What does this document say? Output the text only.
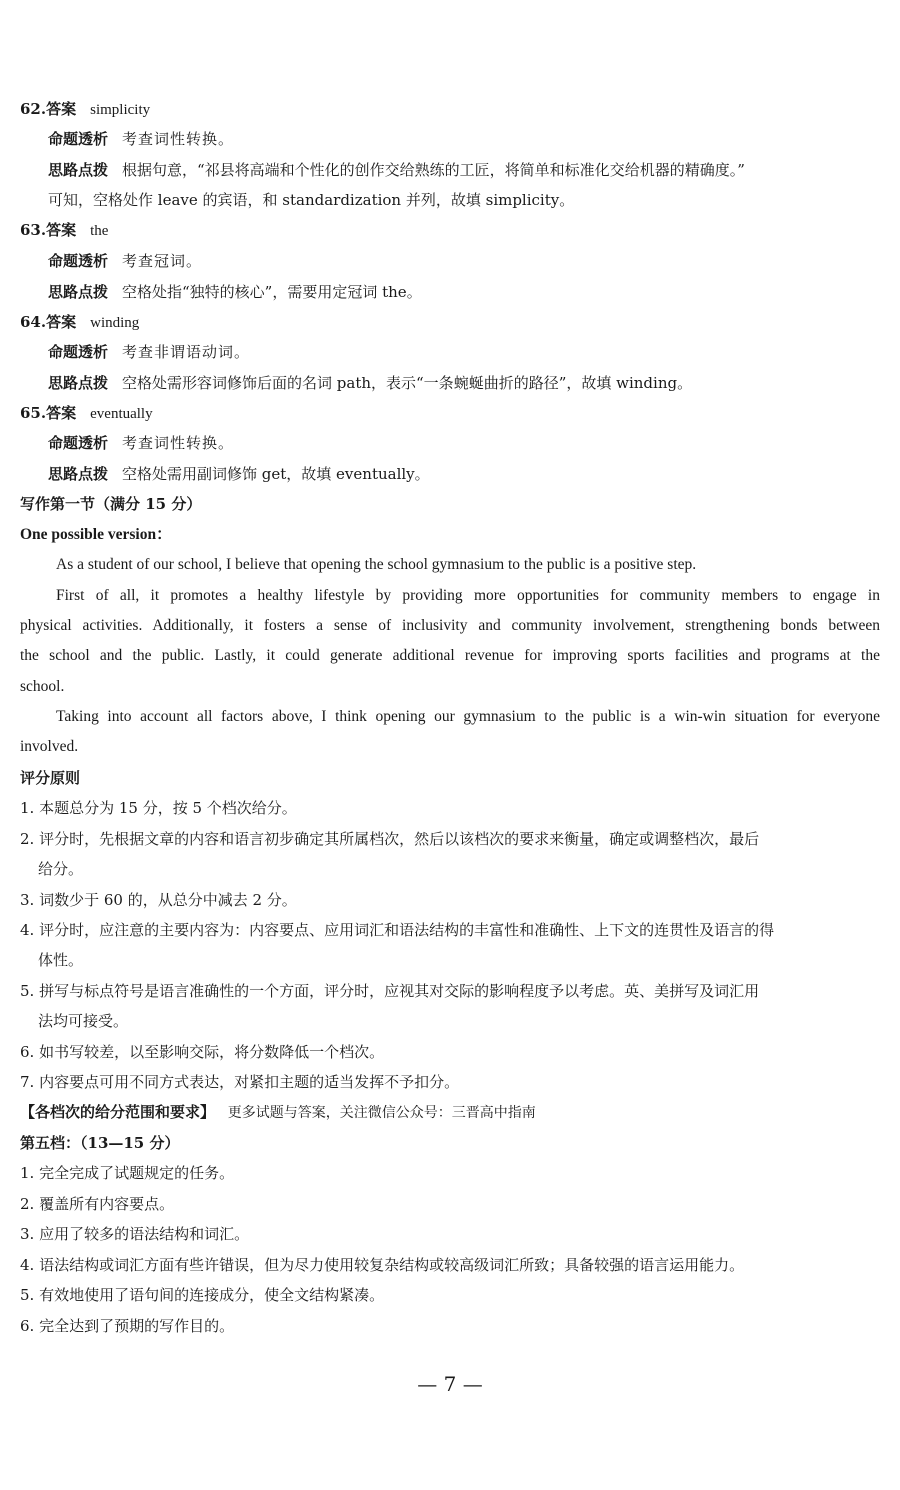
62.答案 simplicity
命题透析 考查词性转换。
思路点拨 根据句意，“祁县将高端和个性化的创作交给熟练的工匠，将简单和标准化交给机器的精确度。”
可知，空格处作 leave 的宾语，和 standardization 并列，故填 simplicity。
63.答案 the
命题透析 考查冠词。
思路点拨 空格处指“独特的核心”，需要用定冠词 the。
64.答案 winding
命题透析 考查非谓语动词。
思路点拨 空格处需形容词修饰后面的名词 path，表示“一条蜿蜒曲折的路径”，故填 winding。
65.答案 eventually
命题透析 考查词性转换。
思路点拨 空格处需用副词修饰 get，故填 eventually。
写作第一节（满分 15 分）
One possible version：
As a student of our school, I believe that opening the school gymnasium to the public is a positive step.
First of all, it promotes a healthy lifestyle by providing more opportunities for community members to engage in
physical activities. Additionally, it fosters a sense of inclusivity and community involvement, strengthening bonds between
the school and the public. Lastly, it could generate additional revenue for improving sports facilities and programs at the
school.
Taking into account all factors above, I think opening our gymnasium to the public is a win-win situation for everyone
involved.
评分原则
1. 本题总分为 15 分，按 5 个档次给分。
2. 评分时，先根据文章的内容和语言初步确定其所属档次，然后以该档次的要求来衡量，确定或调整档次，最后
给分。
3. 词数少于 60 的，从总分中减去 2 分。
4. 评分时，应注意的主要内容为：内容要点、应用词汇和语法结构的丰富性和准确性、上下文的连贯性及语言的得
体性。
5. 拼写与标点符号是语言准确性的一个方面，评分时，应视其对交际的影响程度予以考虑。英、美拼写及词汇用
法均可接受。
6. 如书写较差，以至影响交际，将分数降低一个档次。
7. 内容要点可用不同方式表达，对紧扣主题的适当发挥不予扣分。
【各档次的给分范围和要求】 更多试题与答案，关注微信公众号：三晋高中指南
第五档：（13—15 分）
1. 完全完成了试题规定的任务。
2. 覆盖所有内容要点。
3. 应用了较多的语法结构和词汇。
4. 语法结构或词汇方面有些许错误，但为尽力使用较复杂结构或较高级词汇所致；具备较强的语言运用能力。
5. 有效地使用了语句间的连接成分，使全文结构紧凑。
6. 完全达到了预期的写作目的。
— 7 —
